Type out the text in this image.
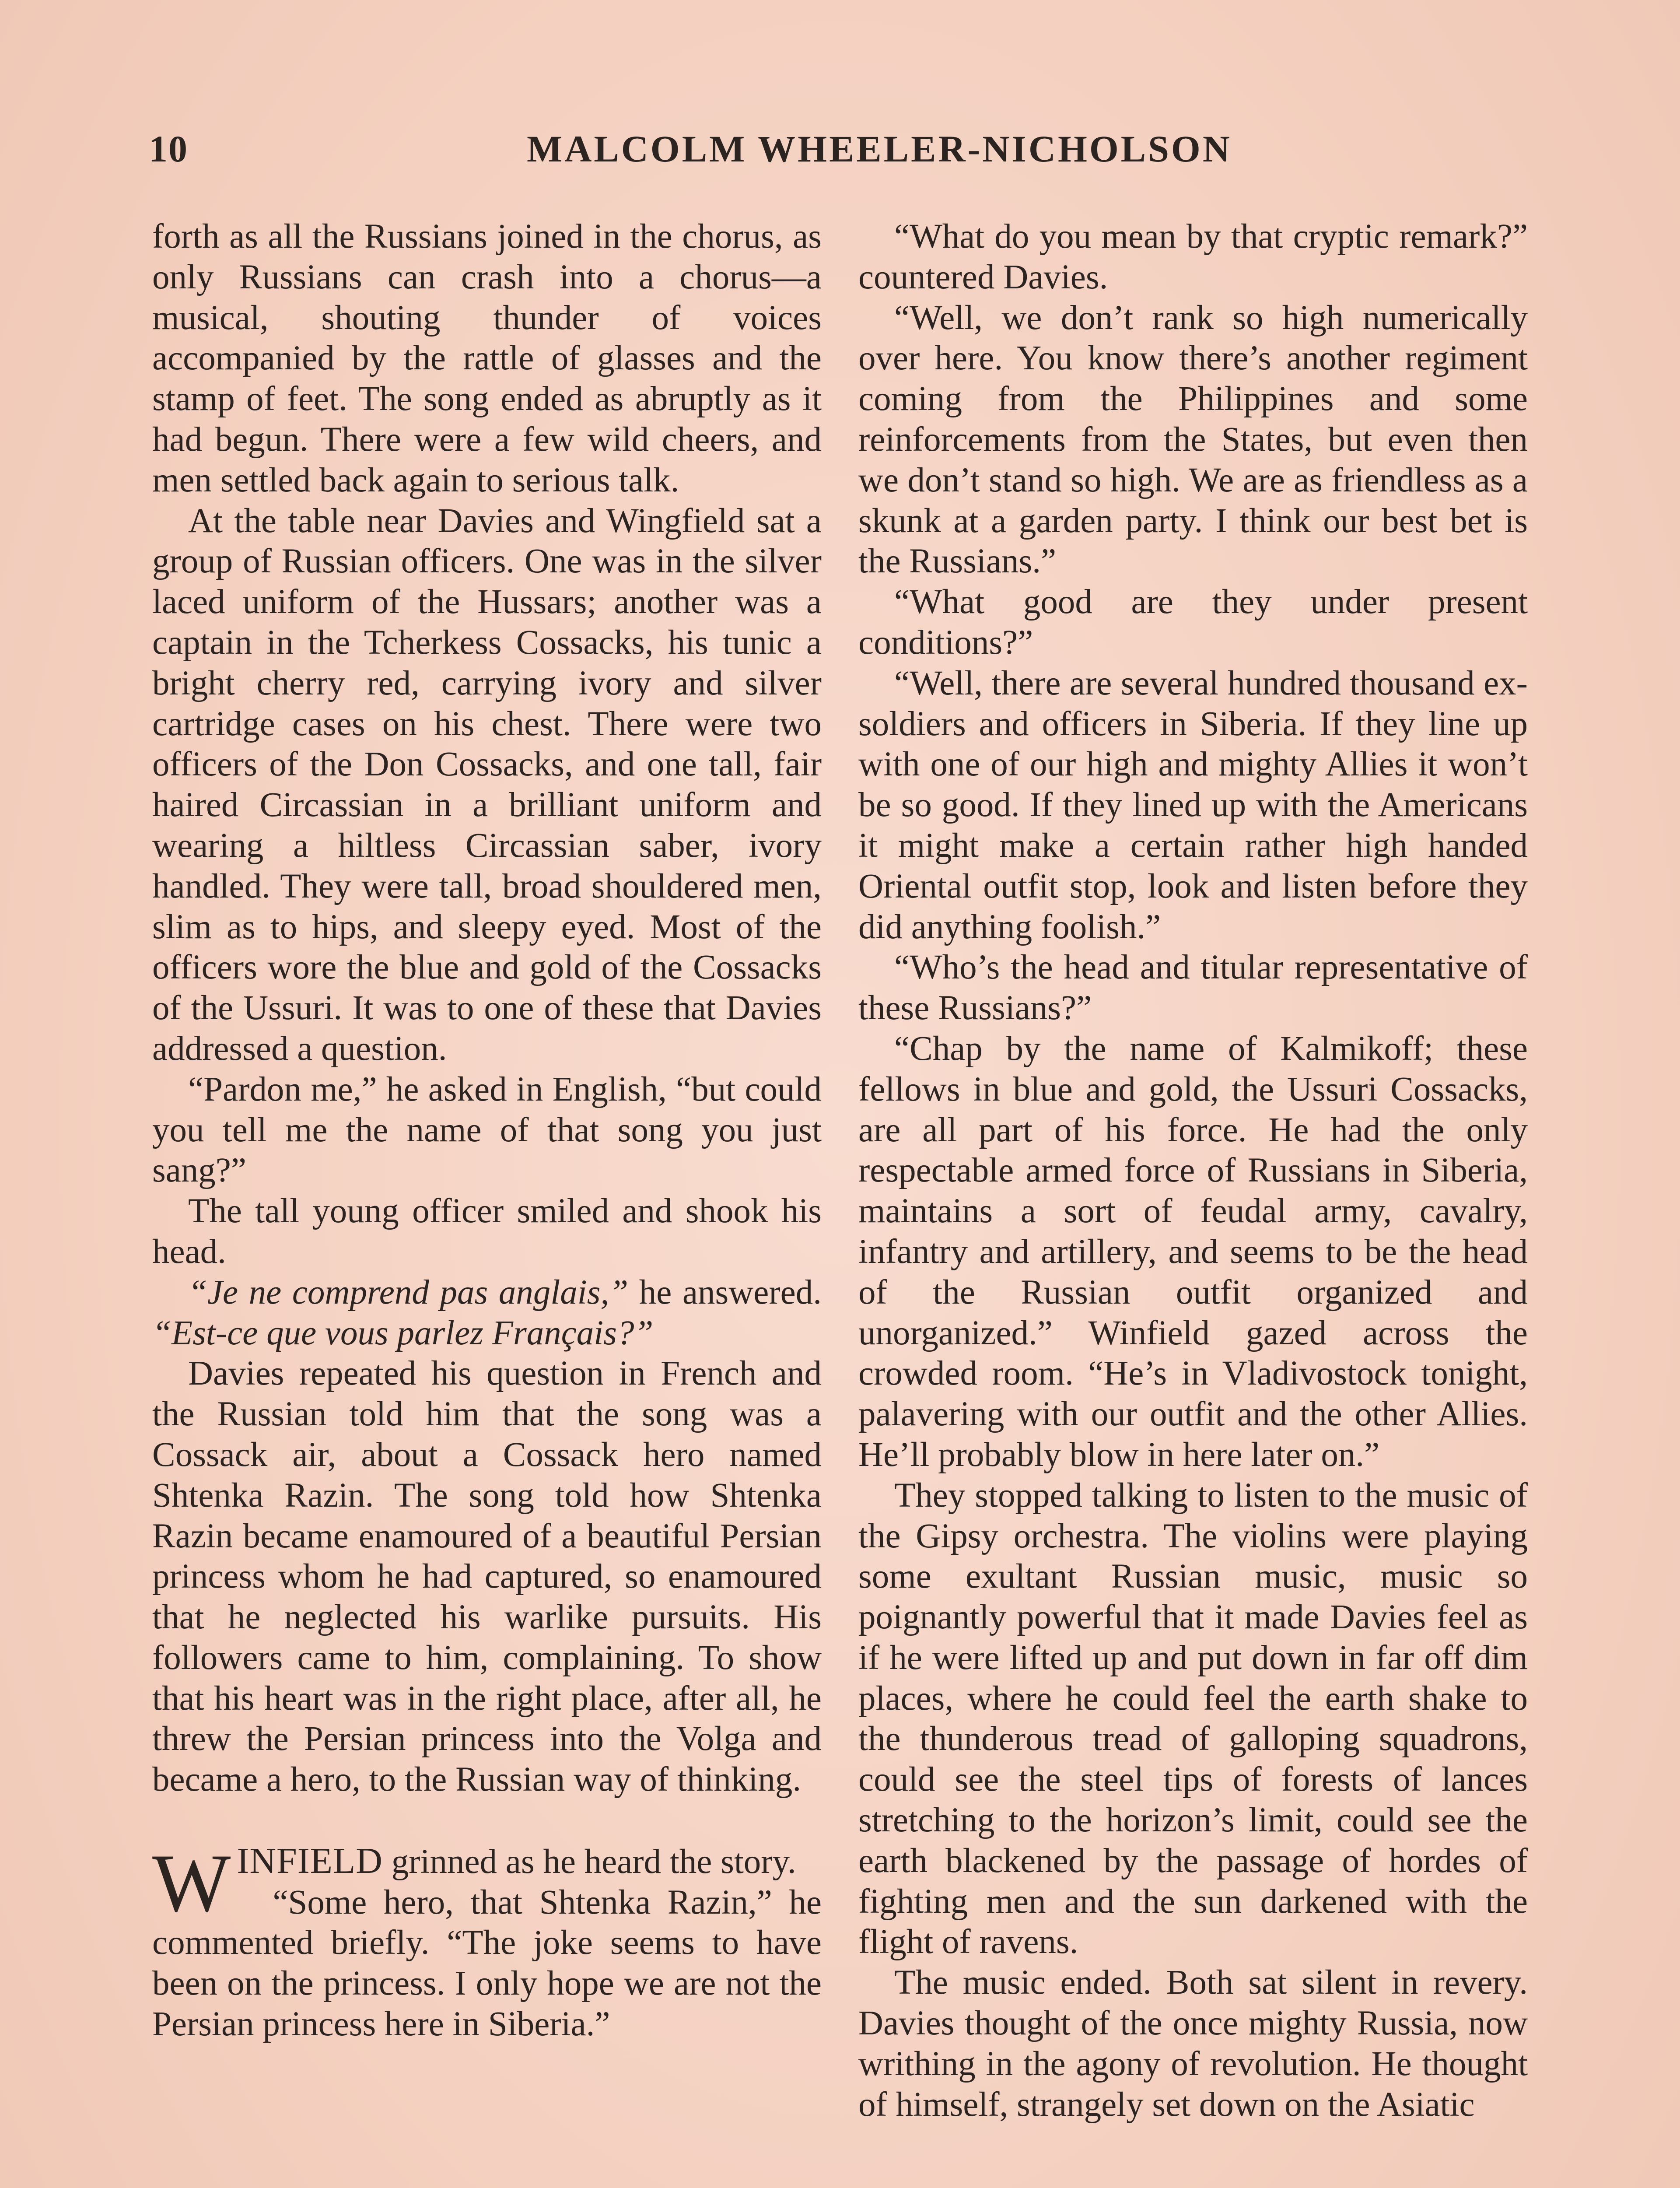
10	MALCOLM WHEELER-NICHOLSON

forth as all the Russians joined in the chorus, as only Russians can crash into a chorus—a musical, shouting thunder of voices accompanied by the rattle of glasses and the stamp of feet. The song ended as abruptly as it had begun. There were a few wild cheers, and men settled back again to serious talk.

At the table near Davies and Wingfield sat a group of Russian officers. One was in the silver laced uniform of the Hussars; another was a captain in the Tcherkess Cossacks, his tunic a bright cherry red, carrying ivory and silver cartridge cases on his chest. There were two officers of the Don Cossacks, and one tall, fair haired Circassian in a brilliant uniform and wearing a hiltless Circassian saber, ivory handled. They were tall, broad shouldered men, slim as to hips, and sleepy eyed. Most of the officers wore the blue and gold of the Cossacks of the Ussuri. It was to one of these that Davies addressed a question.

“Pardon me,” he asked in English, “but could you tell me the name of that song you just sang?”

The tall young officer smiled and shook his head.

“Je ne comprend pas anglais,” he answered. “Est-ce que vous parlez Français?”

Davies repeated his question in French and the Russian told him that the song was a Cossack air, about a Cossack hero named Shtenka Razin. The song told how Shtenka Razin became enamoured of a beautiful Persian princess whom he had captured, so enamoured that he neglected his warlike pursuits. His followers came to him, complaining. To show that his heart was in the right place, after all, he threw the Persian princess into the Volga and became a hero, to the Russian way of thinking.

WINFIELD grinned as he heard the story.

“Some hero, that Shtenka Razin,” he commented briefly. “The joke seems to have been on the princess. I only hope we are not the Persian princess here in Siberia.”

“What do you mean by that cryptic remark?” countered Davies.

“Well, we don’t rank so high numerically over here. You know there’s another regiment coming from the Philippines and some reinforcements from the States, but even then we don’t stand so high. We are as friendless as a skunk at a garden party. I think our best bet is the Russians.”

“What good are they under present conditions?”

“Well, there are several hundred thousand ex-soldiers and officers in Siberia. If they line up with one of our high and mighty Allies it won’t be so good. If they lined up with the Americans it might make a certain rather high handed Oriental outfit stop, look and listen before they did anything foolish.”

“Who’s the head and titular representative of these Russians?”

“Chap by the name of Kalmikoff; these fellows in blue and gold, the Ussuri Cossacks, are all part of his force. He had the only respectable armed force of Russians in Siberia, maintains a sort of feudal army, cavalry, infantry and artillery, and seems to be the head of the Russian outfit organized and unorganized.” Winfield gazed across the crowded room. “He’s in Vladivostock tonight, palavering with our outfit and the other Allies. He’ll probably blow in here later on.”

They stopped talking to listen to the music of the Gipsy orchestra. The violins were playing some exultant Russian music, music so poignantly powerful that it made Davies feel as if he were lifted up and put down in far off dim places, where he could feel the earth shake to the thunderous tread of galloping squadrons, could see the steel tips of forests of lances stretching to the horizon’s limit, could see the earth blackened by the passage of hordes of fighting men and the sun darkened with the flight of ravens.

The music ended. Both sat silent in revery. Davies thought of the once mighty Russia, now writhing in the agony of revolution. He thought of himself, strangely set down on the Asiatic
